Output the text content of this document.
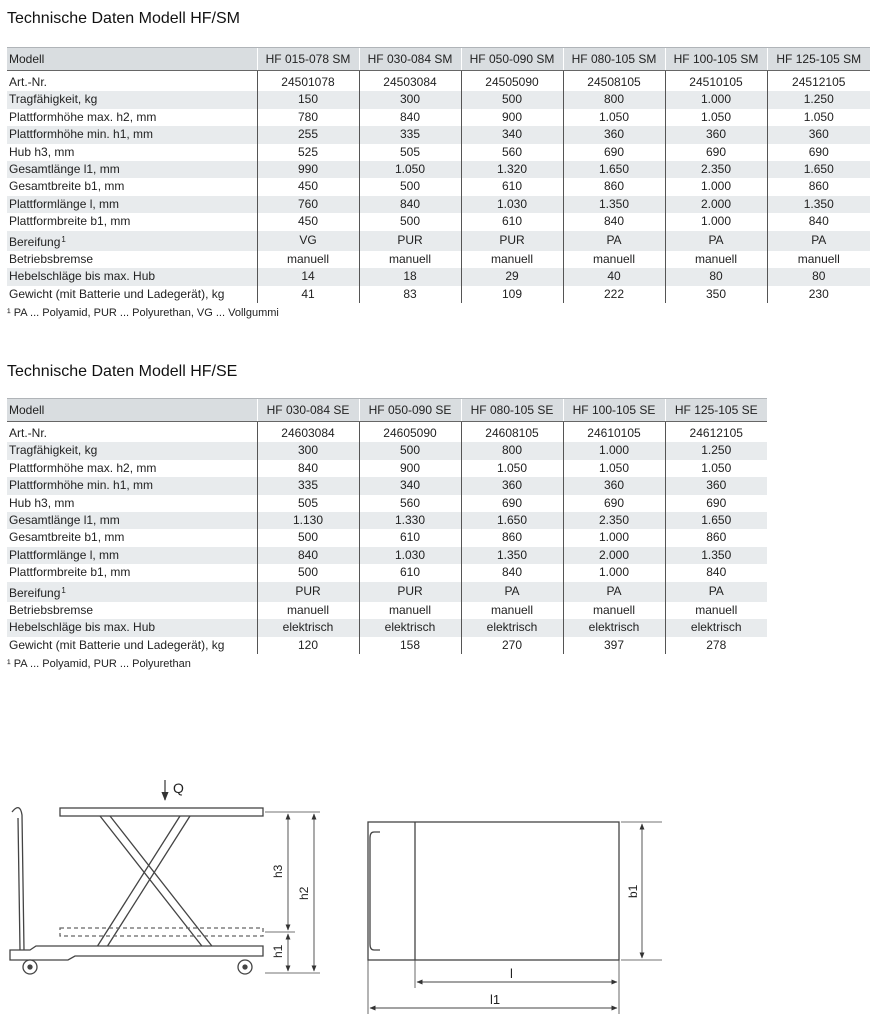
Technische Daten Modell HF/SM
Modell	HF 015-078 SM	HF 030-084 SM	HF 050-090 SM	HF 080-105 SM	HF 100-105 SM	HF 125-105 SM
Art.-Nr.	24501078	24503084	24505090	24508105	24510105	24512105
Tragfähigkeit, kg	150	300	500	800	1.000	1.250
Plattformhöhe max. h2, mm	780	840	900	1.050	1.050	1.050
Plattformhöhe min. h1, mm	255	335	340	360	360	360
Hub h3, mm	525	505	560	690	690	690
Gesamtlänge l1, mm	990	1.050	1.320	1.650	2.350	1.650
Gesamtbreite b1, mm	450	500	610	860	1.000	860
Plattformlänge l, mm	760	840	1.030	1.350	2.000	1.350
Plattformbreite b1, mm	450	500	610	840	1.000	840
Bereifung$^1$	VG	PUR	PUR	PA	PA	PA
Betriebsbremse	manuell	manuell	manuell	manuell	manuell	manuell
Hebelschläge bis max. Hub	14	18	29	40	80	80
Gewicht (mit Batterie und Ladegerät), kg	41	83	109	222	350	230
¹ PA ... Polyamid, PUR ... Polyurethan, VG ... Vollgummi
Technische Daten Modell HF/SE
Modell	HF 030-084 SE	HF 050-090 SE	HF 080-105 SE	HF 100-105 SE	HF 125-105 SE
Art.-Nr.	24603084	24605090	24608105	24610105	24612105
Tragfähigkeit, kg	300	500	800	1.000	1.250
Plattformhöhe max. h2, mm	840	900	1.050	1.050	1.050
Plattformhöhe min. h1, mm	335	340	360	360	360
Hub h3, mm	505	560	690	690	690
Gesamtlänge l1, mm	1.130	1.330	1.650	2.350	1.650
Gesamtbreite b1, mm	500	610	860	1.000	860
Plattformlänge l, mm	840	1.030	1.350	2.000	1.350
Plattformbreite b1, mm	500	610	840	1.000	840
Bereifung$^1$	PUR	PUR	PA	PA	PA
Betriebsbremse	manuell	manuell	manuell	manuell	manuell
Hebelschläge bis max. Hub	elektrisch	elektrisch	elektrisch	elektrisch	elektrisch
Gewicht (mit Batterie und Ladegerät), kg	120	158	270	397	278
¹ PA ... Polyamid, PUR ... Polyurethan
Q
h3
h1
h2
l
l1
b1
